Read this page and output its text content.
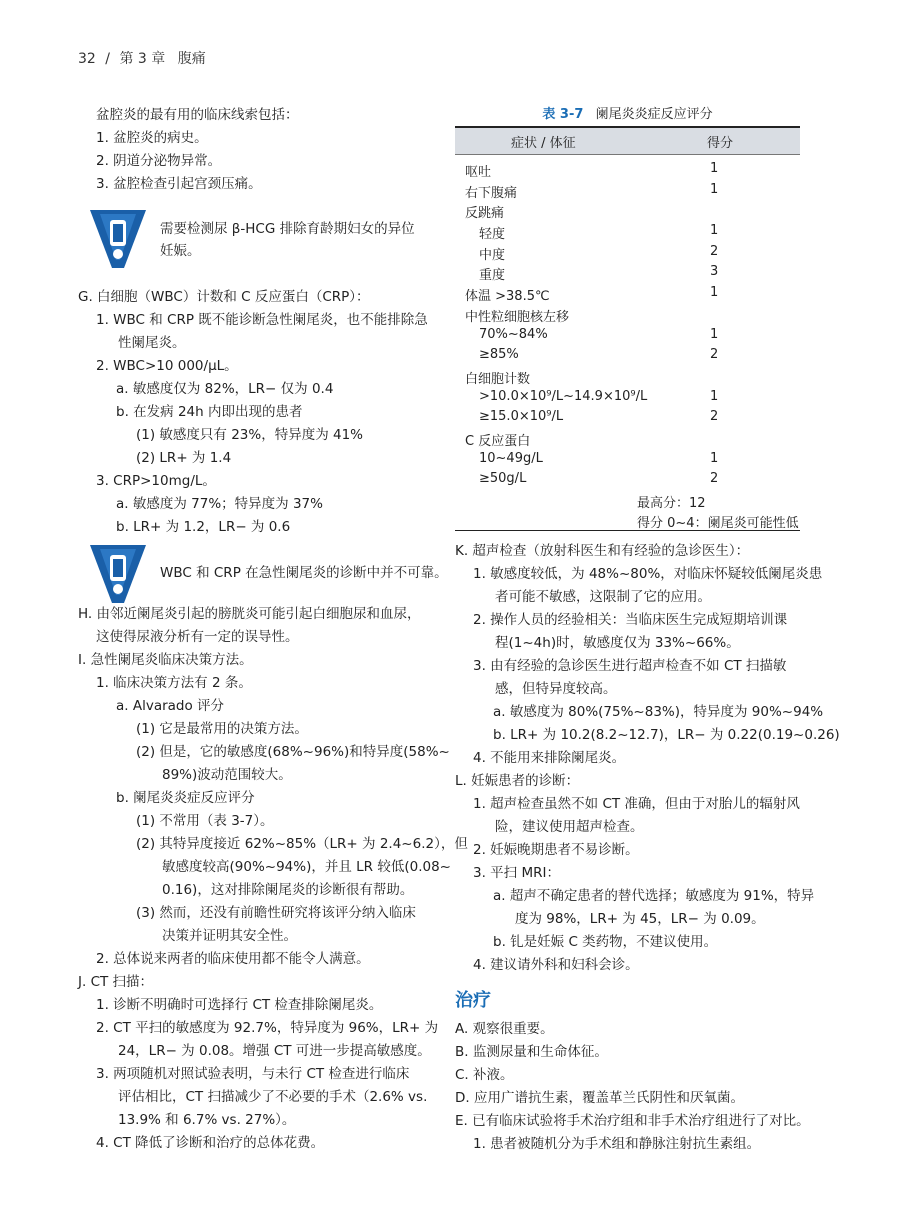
32 / 第 3 章 腹痛
盆腔炎的最有用的临床线索包括：
1. 盆腔炎的病史。
2. 阴道分泌物异常。
3. 盆腔检查引起宫颈压痛。
需要检测尿 β-HCG 排除育龄期妇女的异位
妊娠。
G. 白细胞（WBC）计数和 C 反应蛋白（CRP）：
1. WBC 和 CRP 既不能诊断急性阑尾炎，也不能排除急
性阑尾炎。
2. WBC>10 000/μL。
a. 敏感度仅为 82%，LR− 仅为 0.4
b. 在发病 24h 内即出现的患者
(1) 敏感度只有 23%，特异度为 41%
(2) LR+ 为 1.4
3. CRP>10mg/L。
a. 敏感度为 77%；特异度为 37%
b. LR+ 为 1.2，LR− 为 0.6
WBC 和 CRP 在急性阑尾炎的诊断中并不可靠。
H. 由邻近阑尾炎引起的膀胱炎可能引起白细胞尿和血尿，
这使得尿液分析有一定的误导性。
I. 急性阑尾炎临床决策方法。
1. 临床决策方法有 2 条。
a. Alvarado 评分
(1) 它是最常用的决策方法。
(2) 但是，它的敏感度(68%~96%)和特异度(58%~
89%)波动范围较大。
b. 阑尾炎炎症反应评分
(1) 不常用（表 3-7）。
(2) 其特异度接近 62%~85%（LR+ 为 2.4~6.2），但
敏感度较高(90%~94%)，并且 LR 较低(0.08~
0.16)，这对排除阑尾炎的诊断很有帮助。
(3) 然而，还没有前瞻性研究将该评分纳入临床
决策并证明其安全性。
2. 总体说来两者的临床使用都不能令人满意。
J. CT 扫描：
1. 诊断不明确时可选择行 CT 检查排除阑尾炎。
2. CT 平扫的敏感度为 92.7%，特异度为 96%，LR+ 为
24，LR− 为 0.08。增强 CT 可进一步提高敏感度。
3. 两项随机对照试验表明，与未行 CT 检查进行临床
评估相比，CT 扫描减少了不必要的手术（2.6% vs.
13.9% 和 6.7% vs. 27%）。
4. CT 降低了诊断和治疗的总体花费。
表 3-7 阑尾炎炎症反应评分
症状 / 体征	得分
呕吐	1
右下腹痛	1
反跳痛
轻度	1
中度	2
重度	3
体温 >38.5℃	1
中性粒细胞核左移
70%~84%	1
≥85%	2
白细胞计数
>10.0×10⁹/L~14.9×10⁹/L	1
≥15.0×10⁹/L	2
C 反应蛋白
10~49g/L	1
≥50g/L	2
最高分：12
得分 0~4：阑尾炎可能性低
K. 超声检查（放射科医生和有经验的急诊医生）：
1. 敏感度较低，为 48%~80%，对临床怀疑较低阑尾炎患
者可能不敏感，这限制了它的应用。
2. 操作人员的经验相关：当临床医生完成短期培训课
程(1~4h)时，敏感度仅为 33%~66%。
3. 由有经验的急诊医生进行超声检查不如 CT 扫描敏
感，但特异度较高。
a. 敏感度为 80%(75%~83%)，特异度为 90%~94%
b. LR+ 为 10.2(8.2~12.7)，LR− 为 0.22(0.19~0.26)
4. 不能用来排除阑尾炎。
L. 妊娠患者的诊断：
1. 超声检查虽然不如 CT 准确，但由于对胎儿的辐射风
险，建议使用超声检查。
2. 妊娠晚期患者不易诊断。
3. 平扫 MRI：
a. 超声不确定患者的替代选择；敏感度为 91%，特异
度为 98%，LR+ 为 45，LR− 为 0.09。
b. 钆是妊娠 C 类药物，不建议使用。
4. 建议请外科和妇科会诊。
治疗
A. 观察很重要。
B. 监测尿量和生命体征。
C. 补液。
D. 应用广谱抗生素，覆盖革兰氏阴性和厌氧菌。
E. 已有临床试验将手术治疗组和非手术治疗组进行了对比。
1. 患者被随机分为手术组和静脉注射抗生素组。
